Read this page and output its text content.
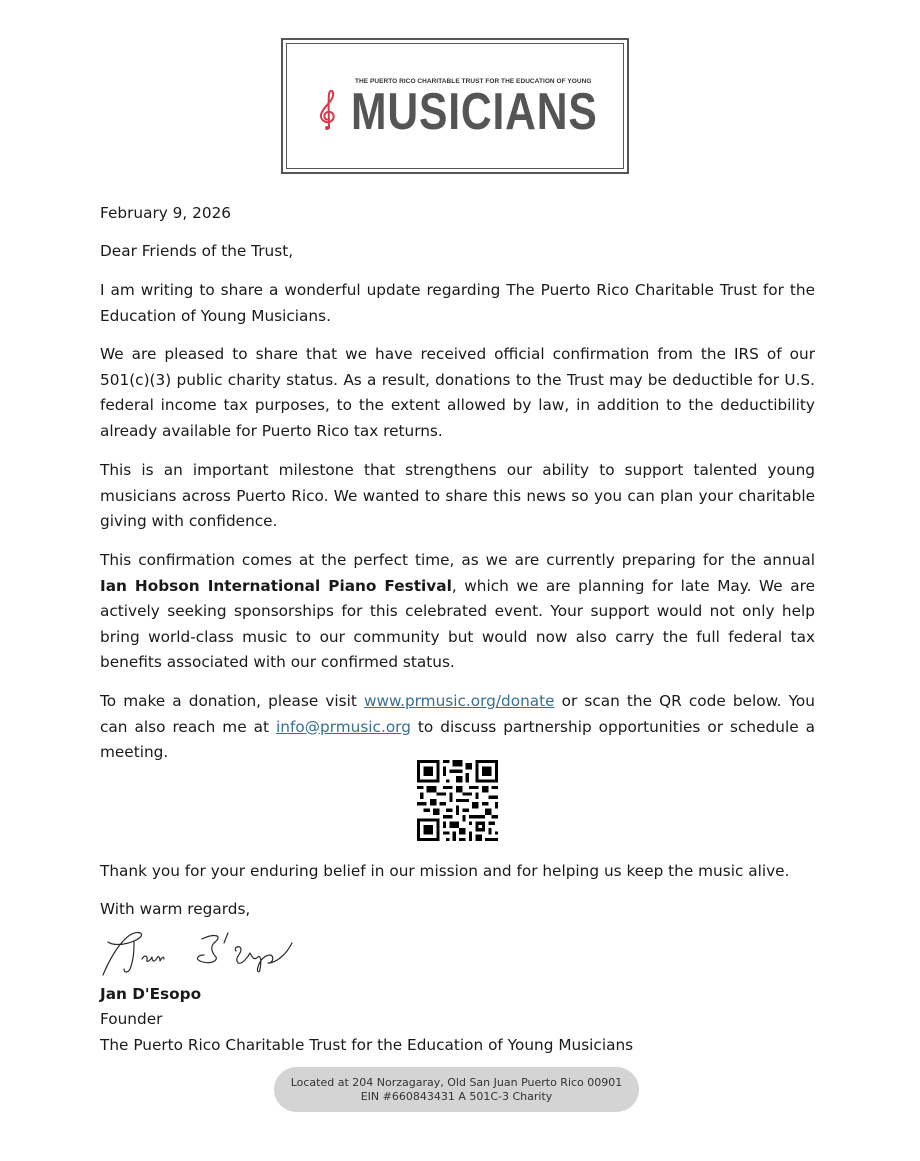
THE PUERTO RICO CHARITABLE TRUST FOR THE EDUCATION OF YOUNG
MUSICIANS
February 9, 2026
Dear Friends of the Trust,
I am writing to share a wonderful update regarding The Puerto Rico Charitable Trust for the Education of Young Musicians.
We are pleased to share that we have received official confirmation from the IRS of our 501(c)(3) public charity status. As a result, donations to the Trust may be deductible for U.S. federal income tax purposes, to the extent allowed by law, in addition to the deductibility already available for Puerto Rico tax returns.
This is an important milestone that strengthens our ability to support talented young musicians across Puerto Rico. We wanted to share this news so you can plan your charitable giving with confidence.
This confirmation comes at the perfect time, as we are currently preparing for the annual Ian Hobson International Piano Festival, which we are planning for late May. We are actively seeking sponsorships for this celebrated event. Your support would not only help bring world-class music to our community but would now also carry the full federal tax benefits associated with our confirmed status.
To make a donation, please visit www.prmusic.org/donate or scan the QR code below. You can also reach me at info@prmusic.org to discuss partnership opportunities or schedule a meeting.
Thank you for your enduring belief in our mission and for helping us keep the music alive.
With warm regards,
Jan D'Esopo
Founder
The Puerto Rico Charitable Trust for the Education of Young Musicians
Located at 204 Norzagaray, Old San Juan Puerto Rico 00901
EIN #660843431 A 501C-3 Charity
